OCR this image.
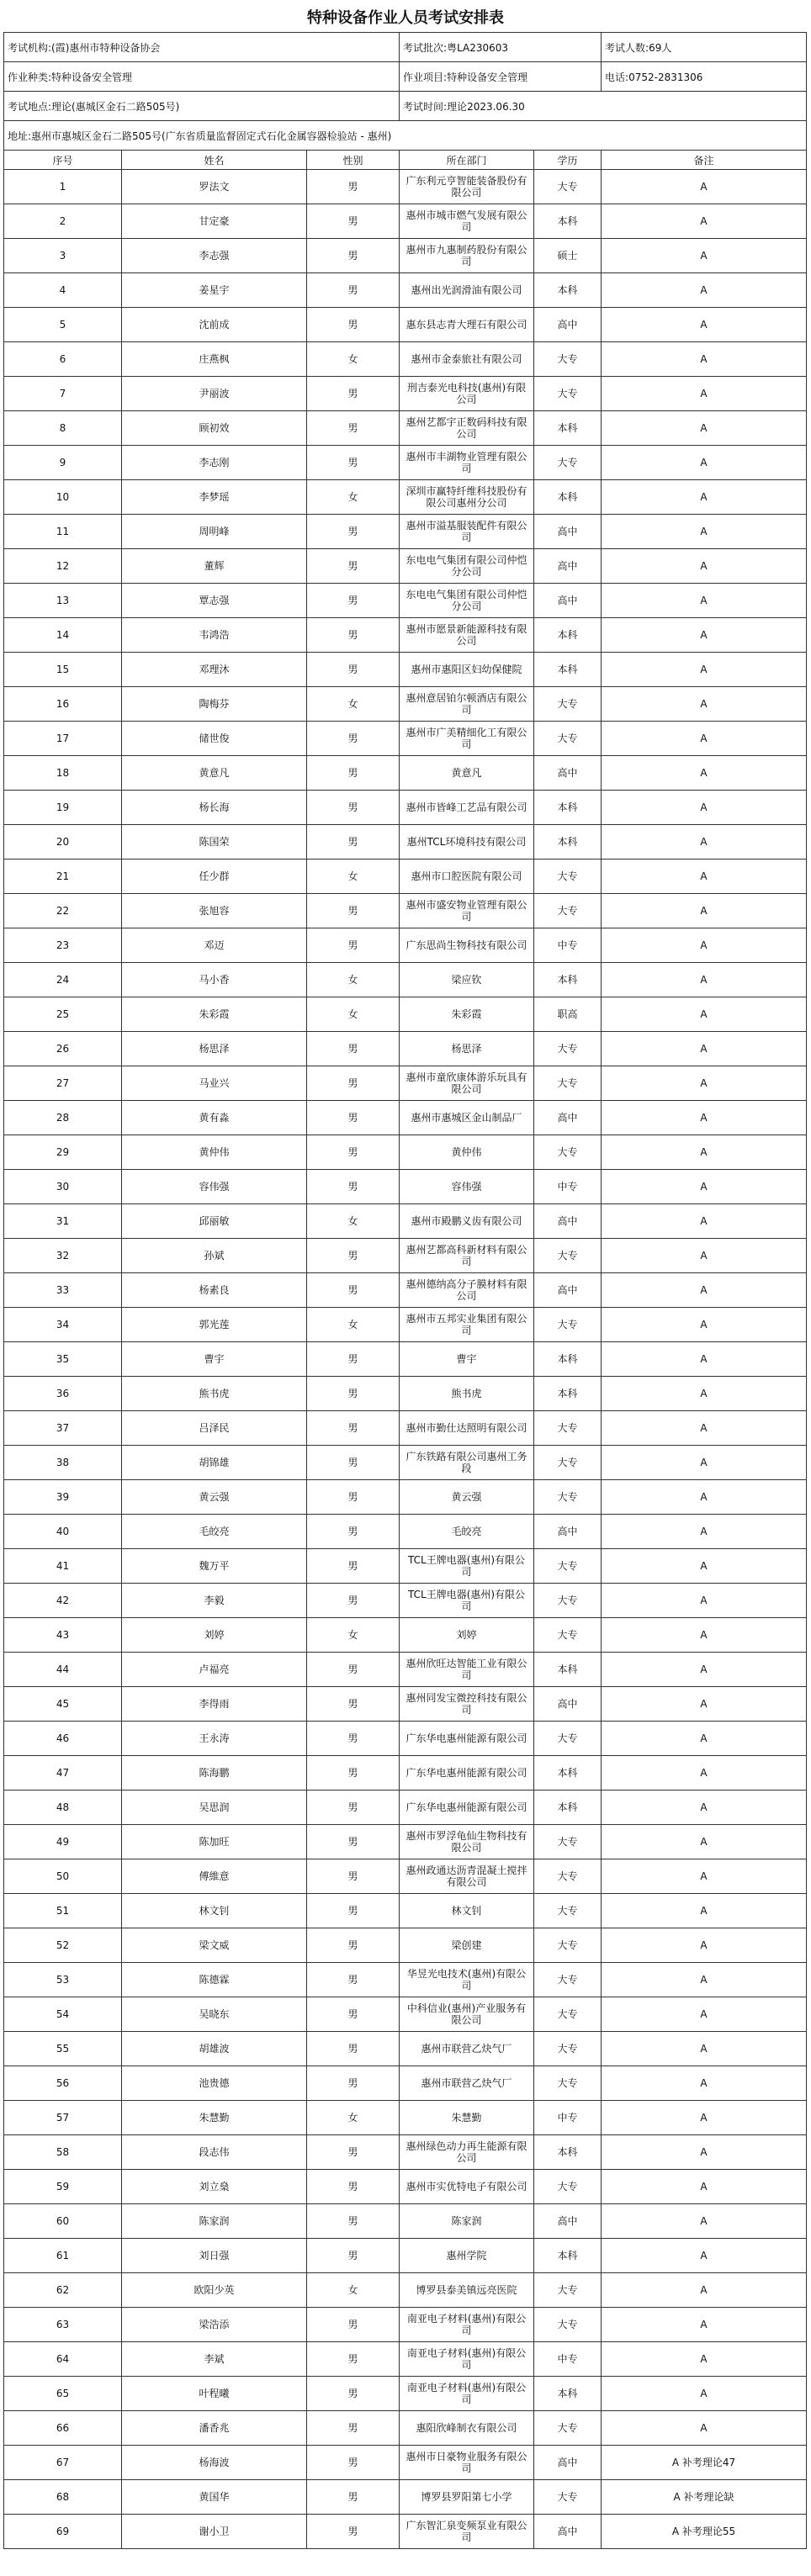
特种设备作业人员考试安排表
考试机构:(霞)惠州市特种设备协会			考试批次:粤LA230603		考试人数:69人
作业种类:特种设备安全管理			作业项目:特种设备安全管理		电话:0752-2831306
考试地点:理论(惠城区金石二路505号)			考试时间:理论2023.06.30		
地址:惠州市惠城区金石二路505号(广东省质量监督固定式石化金属容器检验站 - 惠州)					
序号	姓名	性别	所在部门	学历	备注
1	罗法文	男	广东利元亨智能装备股份有限公司	大专	A
2	甘定豪	男	惠州市城市燃气发展有限公司	本科	A
3	李志强	男	惠州市九惠制药股份有限公司	硕士	A
4	姜星宇	男	惠州出光润滑油有限公司	本科	A
5	沈前成	男	惠东县志青大理石有限公司	高中	A
6	庄燕枫	女	惠州市金泰旅社有限公司	大专	A
7	尹丽波	男	刑吉泰光电科技(惠州)有限公司	大专	A
8	顾初效	男	惠州艺都宇正数码科技有限公司	本科	A
9	李志刚	男	惠州市丰湖物业管理有限公司	大专	A
10	李梦瑶	女	深圳市赢特纤维科技股份有限公司惠州分公司	本科	A
11	周明峰	男	惠州市溢基服装配件有限公司	高中	A
12	董辉	男	东电电气集团有限公司仲恺分公司	高中	A
13	覃志强	男	东电电气集团有限公司仲恺分公司	高中	A
14	韦鸿浩	男	惠州市愿景新能源科技有限公司	本科	A
15	邓理沐	男	惠州市惠阳区妇幼保健院	本科	A
16	陶梅芬	女	惠州意居铂尔顿酒店有限公司	大专	A
17	储世俊	男	惠州市广美精细化工有限公司	大专	A
18	黄意凡	男	黄意凡	高中	A
19	杨长海	男	惠州市皆峰工艺品有限公司	本科	A
20	陈国荣	男	惠州TCL环境科技有限公司	本科	A
21	任少群	女	惠州市口腔医院有限公司	大专	A
22	张旭容	男	惠州市盛安物业管理有限公司	大专	A
23	邓迈	男	广东思尚生物科技有限公司	中专	A
24	马小香	女	梁应钦	本科	A
25	朱彩霞	女	朱彩霞	职高	A
26	杨思泽	男	杨思泽	大专	A
27	马业兴	男	惠州市童欣康体游乐玩具有限公司	大专	A
28	黄有淼	男	惠州市惠城区金山制品厂	高中	A
29	黄仲伟	男	黄仲伟	大专	A
30	容伟强	男	容伟强	中专	A
31	邱丽敏	女	惠州市殿鹏义齿有限公司	高中	A
32	孙斌	男	惠州艺都高科新材料有限公司	大专	A
33	杨素良	男	惠州德纳高分子膜材料有限公司	高中	A
34	郭光莲	女	惠州市五邦实业集团有限公司	大专	A
35	曹宇	男	曹宇	本科	A
36	熊书虎	男	熊书虎	本科	A
37	吕泽民	男	惠州市勤仕达照明有限公司	大专	A
38	胡锦雄	男	广东铁路有限公司惠州工务段	大专	A
39	黄云强	男	黄云强	大专	A
40	毛皎亮	男	毛皎亮	高中	A
41	魏万平	男	TCL王牌电器(惠州)有限公司	大专	A
42	李毅	男	TCL王牌电器(惠州)有限公司	大专	A
43	刘婷	女	刘婷	大专	A
44	卢福亮	男	惠州欣旺达智能工业有限公司	本科	A
45	李得雨	男	惠州同发宝微控科技有限公司	高中	A
46	王永涛	男	广东华电惠州能源有限公司	大专	A
47	陈海鹏	男	广东华电惠州能源有限公司	本科	A
48	吴思润	男	广东华电惠州能源有限公司	本科	A
49	陈加旺	男	惠州市罗浮龟仙生物科技有限公司	大专	A
50	傅維意	男	惠州政通达沥青混凝土搅拌有限公司	大专	A
51	林文钊	男	林文钊	大专	A
52	梁文威	男	梁创建	大专	A
53	陈德霖	男	华昱光电技术(惠州)有限公司	大专	A
54	吴晓东	男	中科信业(惠州)产业服务有限公司	大专	A
55	胡雄波	男	惠州市联营乙炔气厂	大专	A
56	池贵德	男	惠州市联营乙炔气厂	大专	A
57	朱慧勤	女	朱慧勤	中专	A
58	段志伟	男	惠州绿色动力再生能源有限公司	本科	A
59	刘立燊	男	惠州市实优特电子有限公司	大专	A
60	陈家润	男	陈家润	高中	A
61	刘日强	男	惠州学院	本科	A
62	欧阳少英	女	博罗县泰美镇远亮医院	大专	A
63	梁浩添	男	南亚电子材料(惠州)有限公司	大专	A
64	李斌	男	南亚电子材料(惠州)有限公司	中专	A
65	叶程曦	男	南亚电子材料(惠州)有限公司	本科	A
66	潘香兆	男	惠阳欣峰制衣有限公司	大专	A
67	杨海波	男	惠州市日豪物业服务有限公司	高中	A 补考理论47
68	黄国华	男	博罗县罗阳第七小学	大专	A 补考理论缺
69	谢小卫	男	广东智汇泉变频泵业有限公司	高中	A 补考理论55
